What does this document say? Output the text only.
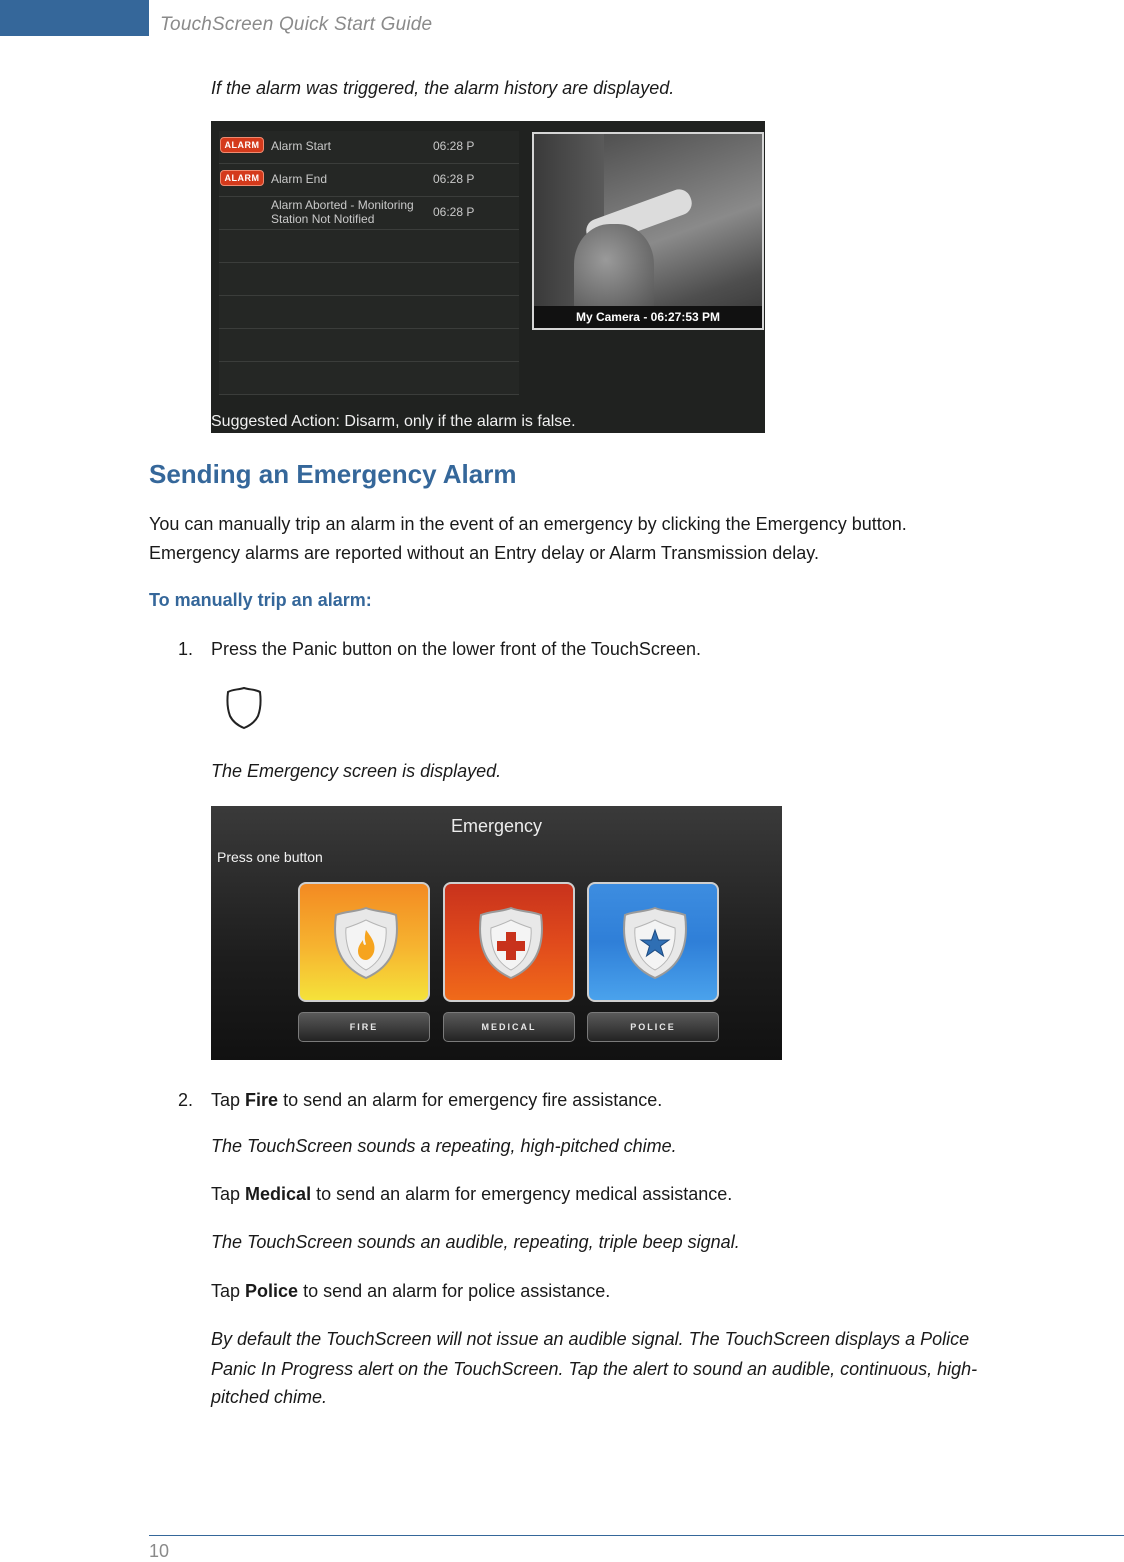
TouchScreen Quick Start Guide
If the alarm was triggered, the alarm history are displayed.
ALARM Alarm Start	06:28 P
ALARM Alarm End	06:28 P
Alarm Aborted - Monitoring
Station Not Notified	06:28 P
My Camera - 06:27:53 PM
Suggested Action: Disarm, only if the alarm is false.
Sending an Emergency Alarm
You can manually trip an alarm in the event of an emergency by clicking the Emergency button.
Emergency alarms are reported without an Entry delay or Alarm Transmission delay.
To manually trip an alarm:
1. Press the Panic button on the lower front of the TouchScreen.
The Emergency screen is displayed.
Emergency
Press one button
FIRE	MEDICAL	POLICE
2. Tap Fire to send an alarm for emergency fire assistance.
The TouchScreen sounds a repeating, high-pitched chime.
Tap Medical to send an alarm for emergency medical assistance.
The TouchScreen sounds an audible, repeating, triple beep signal.
Tap Police to send an alarm for police assistance.
By default the TouchScreen will not issue an audible signal. The TouchScreen displays a Police
Panic In Progress alert on the TouchScreen. Tap the alert to sound an audible, continuous, high-
pitched chime.
10
